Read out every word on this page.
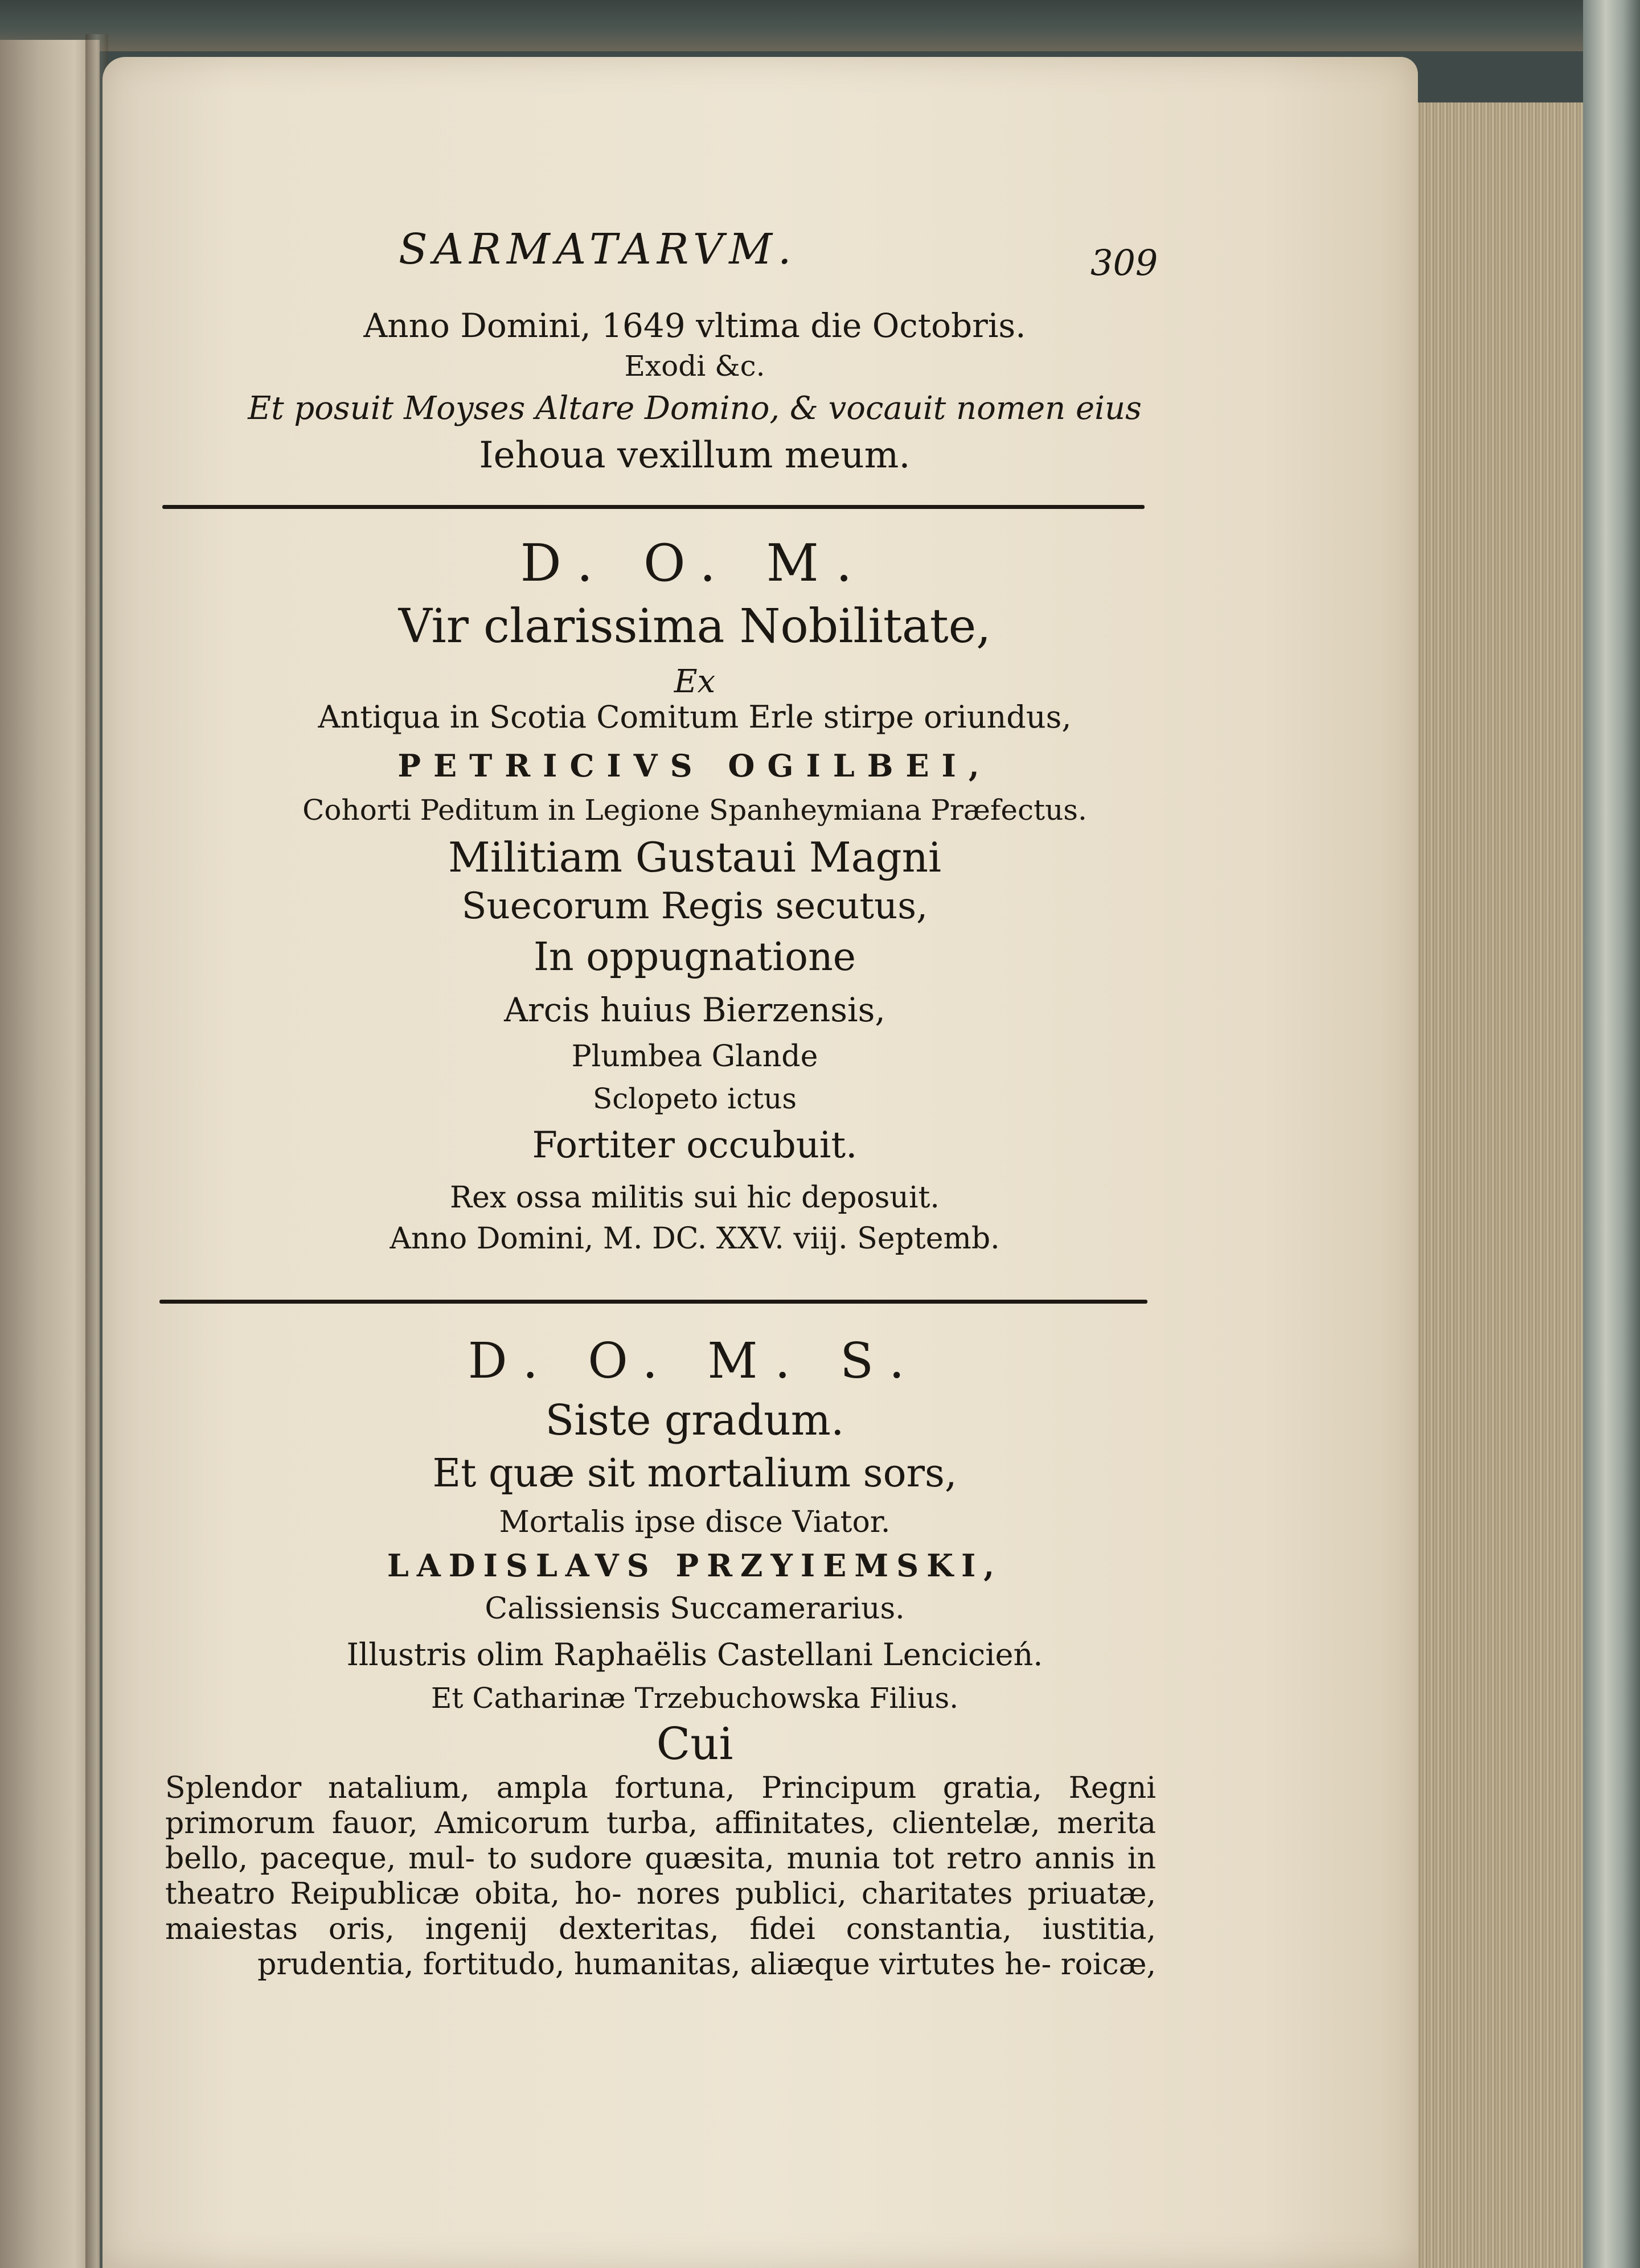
SARMATARVM.	309

Anno Domini, 1649 vltima die Octobris.

Exodi &c.

Et posuit Moyses Altare Domino, & vocauit nomen eius

Iehoua vexillum meum.

D. O. M.

Vir clarissima Nobilitate,

Ex

Antiqua in Scotia Comitum Erle stirpe oriundus,

PETRICIVS OGILBEI,

Cohorti Peditum in Legione Spanheymiana Præfectus.

Militiam Gustaui Magni

Suecorum Regis secutus,

In oppugnatione

Arcis huius Bierzensis,

Plumbea Glande

Sclopeto ictus

Fortiter occubuit.

Rex ossa militis sui hic deposuit.

Anno Domini, M. DC. XXV. viij. Septemb.

D. O. M. S.

Siste gradum.

Et quæ sit mortalium sors,

Mortalis ipse disce Viator.

LADISLAVS PRZYIEMSKI,

Calissiensis Succamerarius.

Illustris olim Raphaëlis Castellani Lencicień.

Et Catharinæ Trzebuchowska Filius.

Cui

Splendor natalium, ampla fortuna, Principum gratia, Regni primorum fauor, Amicorum turba, affinitates, clientelæ, merita bello, paceque, mul- to sudore quæsita, munia tot retro annis in theatro Reipublicæ obita, ho- nores publici, charitates priuatæ, maiestas oris, ingenij dexteritas, fidei constantia, iustitia, prudentia, fortitudo, humanitas, aliæque virtutes he- roicæ,
